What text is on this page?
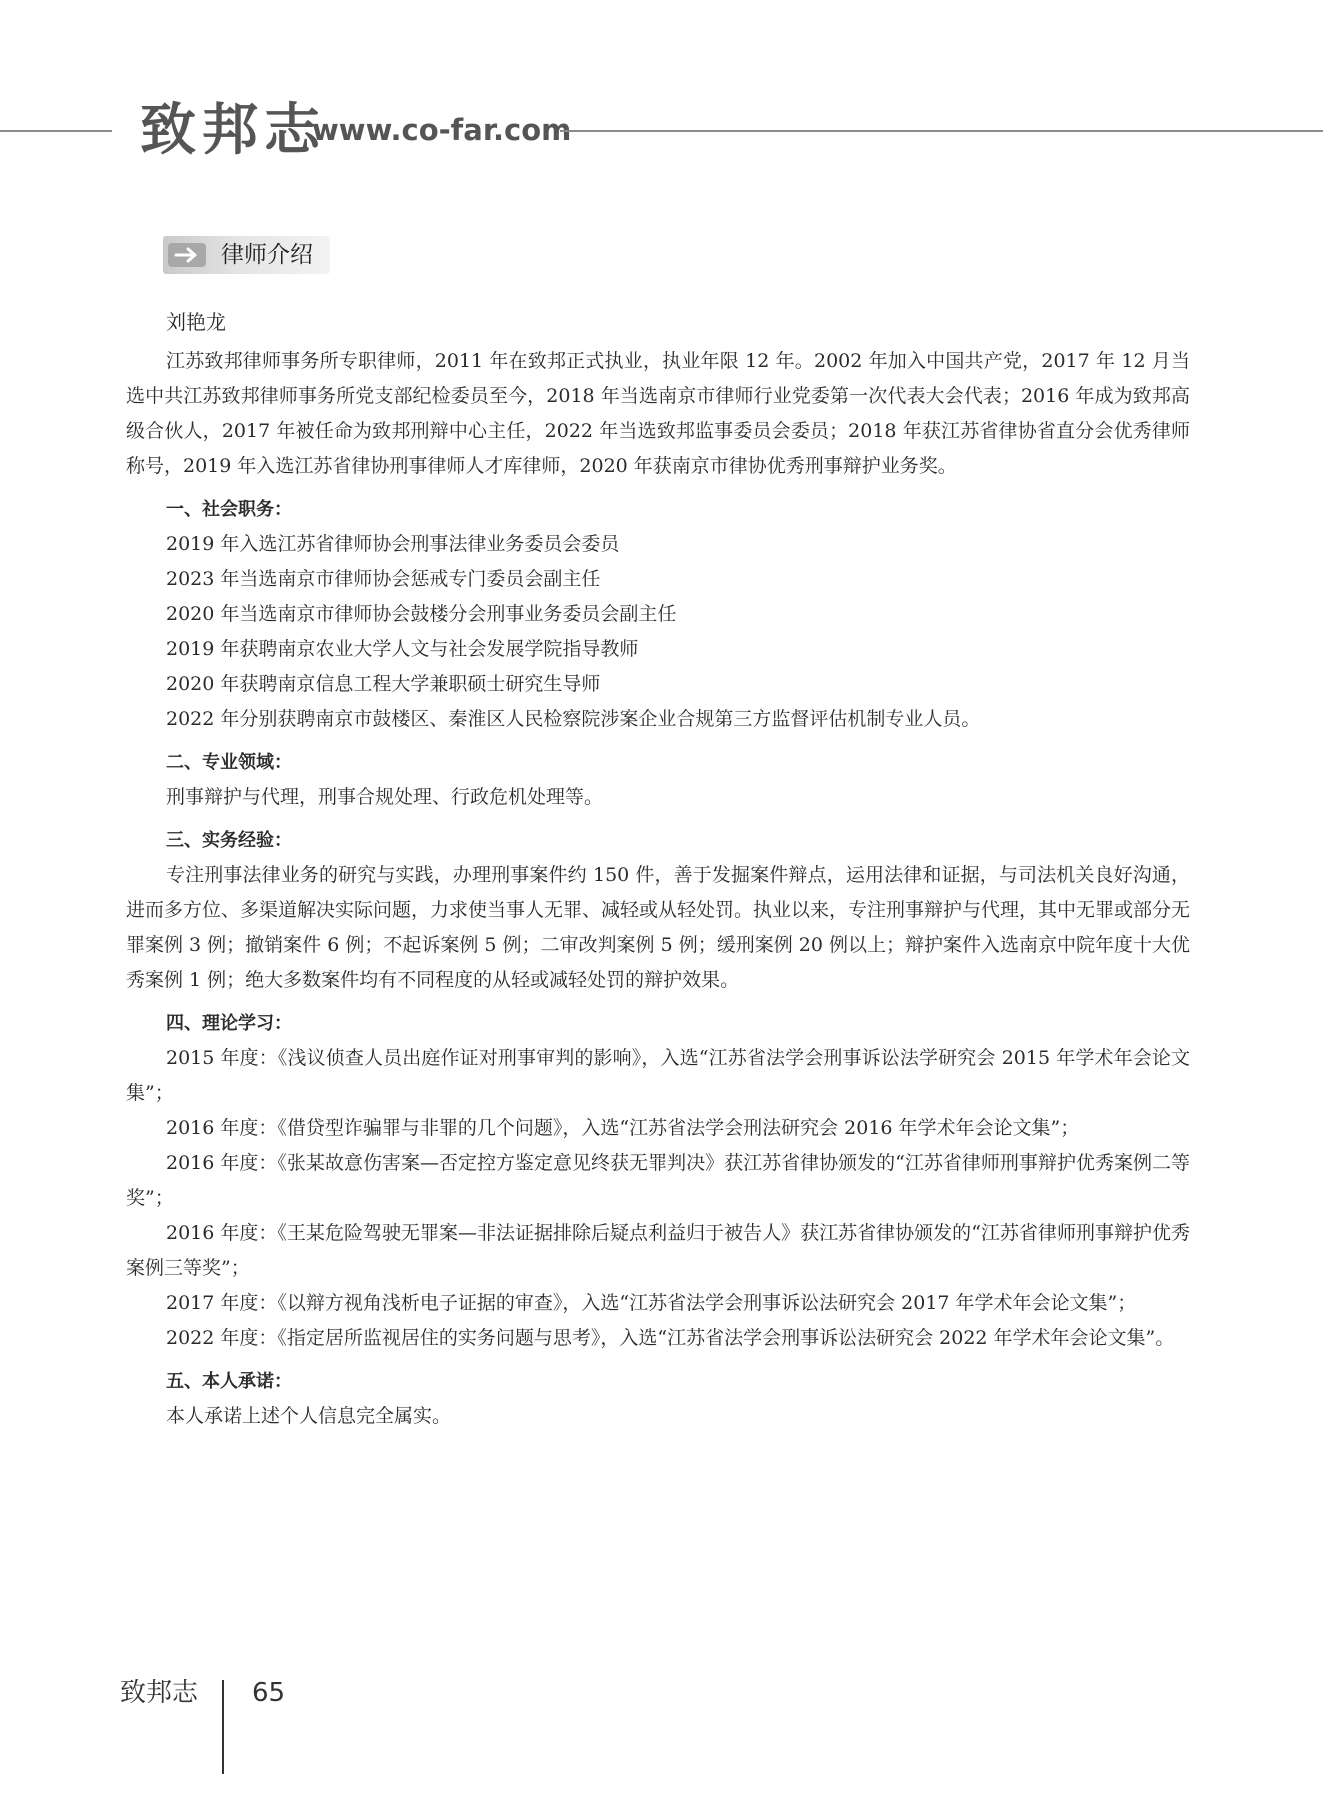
致邦志
www.co-far.com
律师介绍

刘艳龙

江苏致邦律师事务所专职律师，2011 年在致邦正式执业，执业年限 12 年。2002 年加入中国共产党，2017 年 12 月当选中共江苏致邦律师事务所党支部纪检委员至今，2018 年当选南京市律师行业党委第一次代表大会代表；2016 年成为致邦高级合伙人，2017 年被任命为致邦刑辩中心主任，2022 年当选致邦监事委员会委员；2018 年获江苏省律协省直分会优秀律师称号，2019 年入选江苏省律协刑事律师人才库律师，2020 年获南京市律协优秀刑事辩护业务奖。

一、社会职务：

2019 年入选江苏省律师协会刑事法律业务委员会委员

2023 年当选南京市律师协会惩戒专门委员会副主任

2020 年当选南京市律师协会鼓楼分会刑事业务委员会副主任

2019 年获聘南京农业大学人文与社会发展学院指导教师

2020 年获聘南京信息工程大学兼职硕士研究生导师

2022 年分别获聘南京市鼓楼区、秦淮区人民检察院涉案企业合规第三方监督评估机制专业人员。

二、专业领域：

刑事辩护与代理，刑事合规处理、行政危机处理等。

三、实务经验：

专注刑事法律业务的研究与实践，办理刑事案件约 150 件，善于发掘案件辩点，运用法律和证据，与司法机关良好沟通，进而多方位、多渠道解决实际问题，力求使当事人无罪、减轻或从轻处罚。执业以来，专注刑事辩护与代理，其中无罪或部分无罪案例 3 例；撤销案件 6 例；不起诉案例 5 例；二审改判案例 5 例；缓刑案例 20 例以上；辩护案件入选南京中院年度十大优秀案例 1 例；绝大多数案件均有不同程度的从轻或减轻处罚的辩护效果。

四、理论学习：

2015 年度：《浅议侦查人员出庭作证对刑事审判的影响》，入选“江苏省法学会刑事诉讼法学研究会 2015 年学术年会论文集”；

2016 年度：《借贷型诈骗罪与非罪的几个问题》，入选“江苏省法学会刑法研究会 2016 年学术年会论文集”；

2016 年度：《张某故意伤害案—否定控方鉴定意见终获无罪判决》获江苏省律协颁发的“江苏省律师刑事辩护优秀案例二等奖”；

2016 年度：《王某危险驾驶无罪案—非法证据排除后疑点利益归于被告人》获江苏省律协颁发的“江苏省律师刑事辩护优秀案例三等奖”；

2017 年度：《以辩方视角浅析电子证据的审查》，入选“江苏省法学会刑事诉讼法研究会 2017 年学术年会论文集”；

2022 年度：《指定居所监视居住的实务问题与思考》，入选“江苏省法学会刑事诉讼法研究会 2022 年学术年会论文集”。

五、本人承诺：

本人承诺上述个人信息完全属实。

致邦志 65
